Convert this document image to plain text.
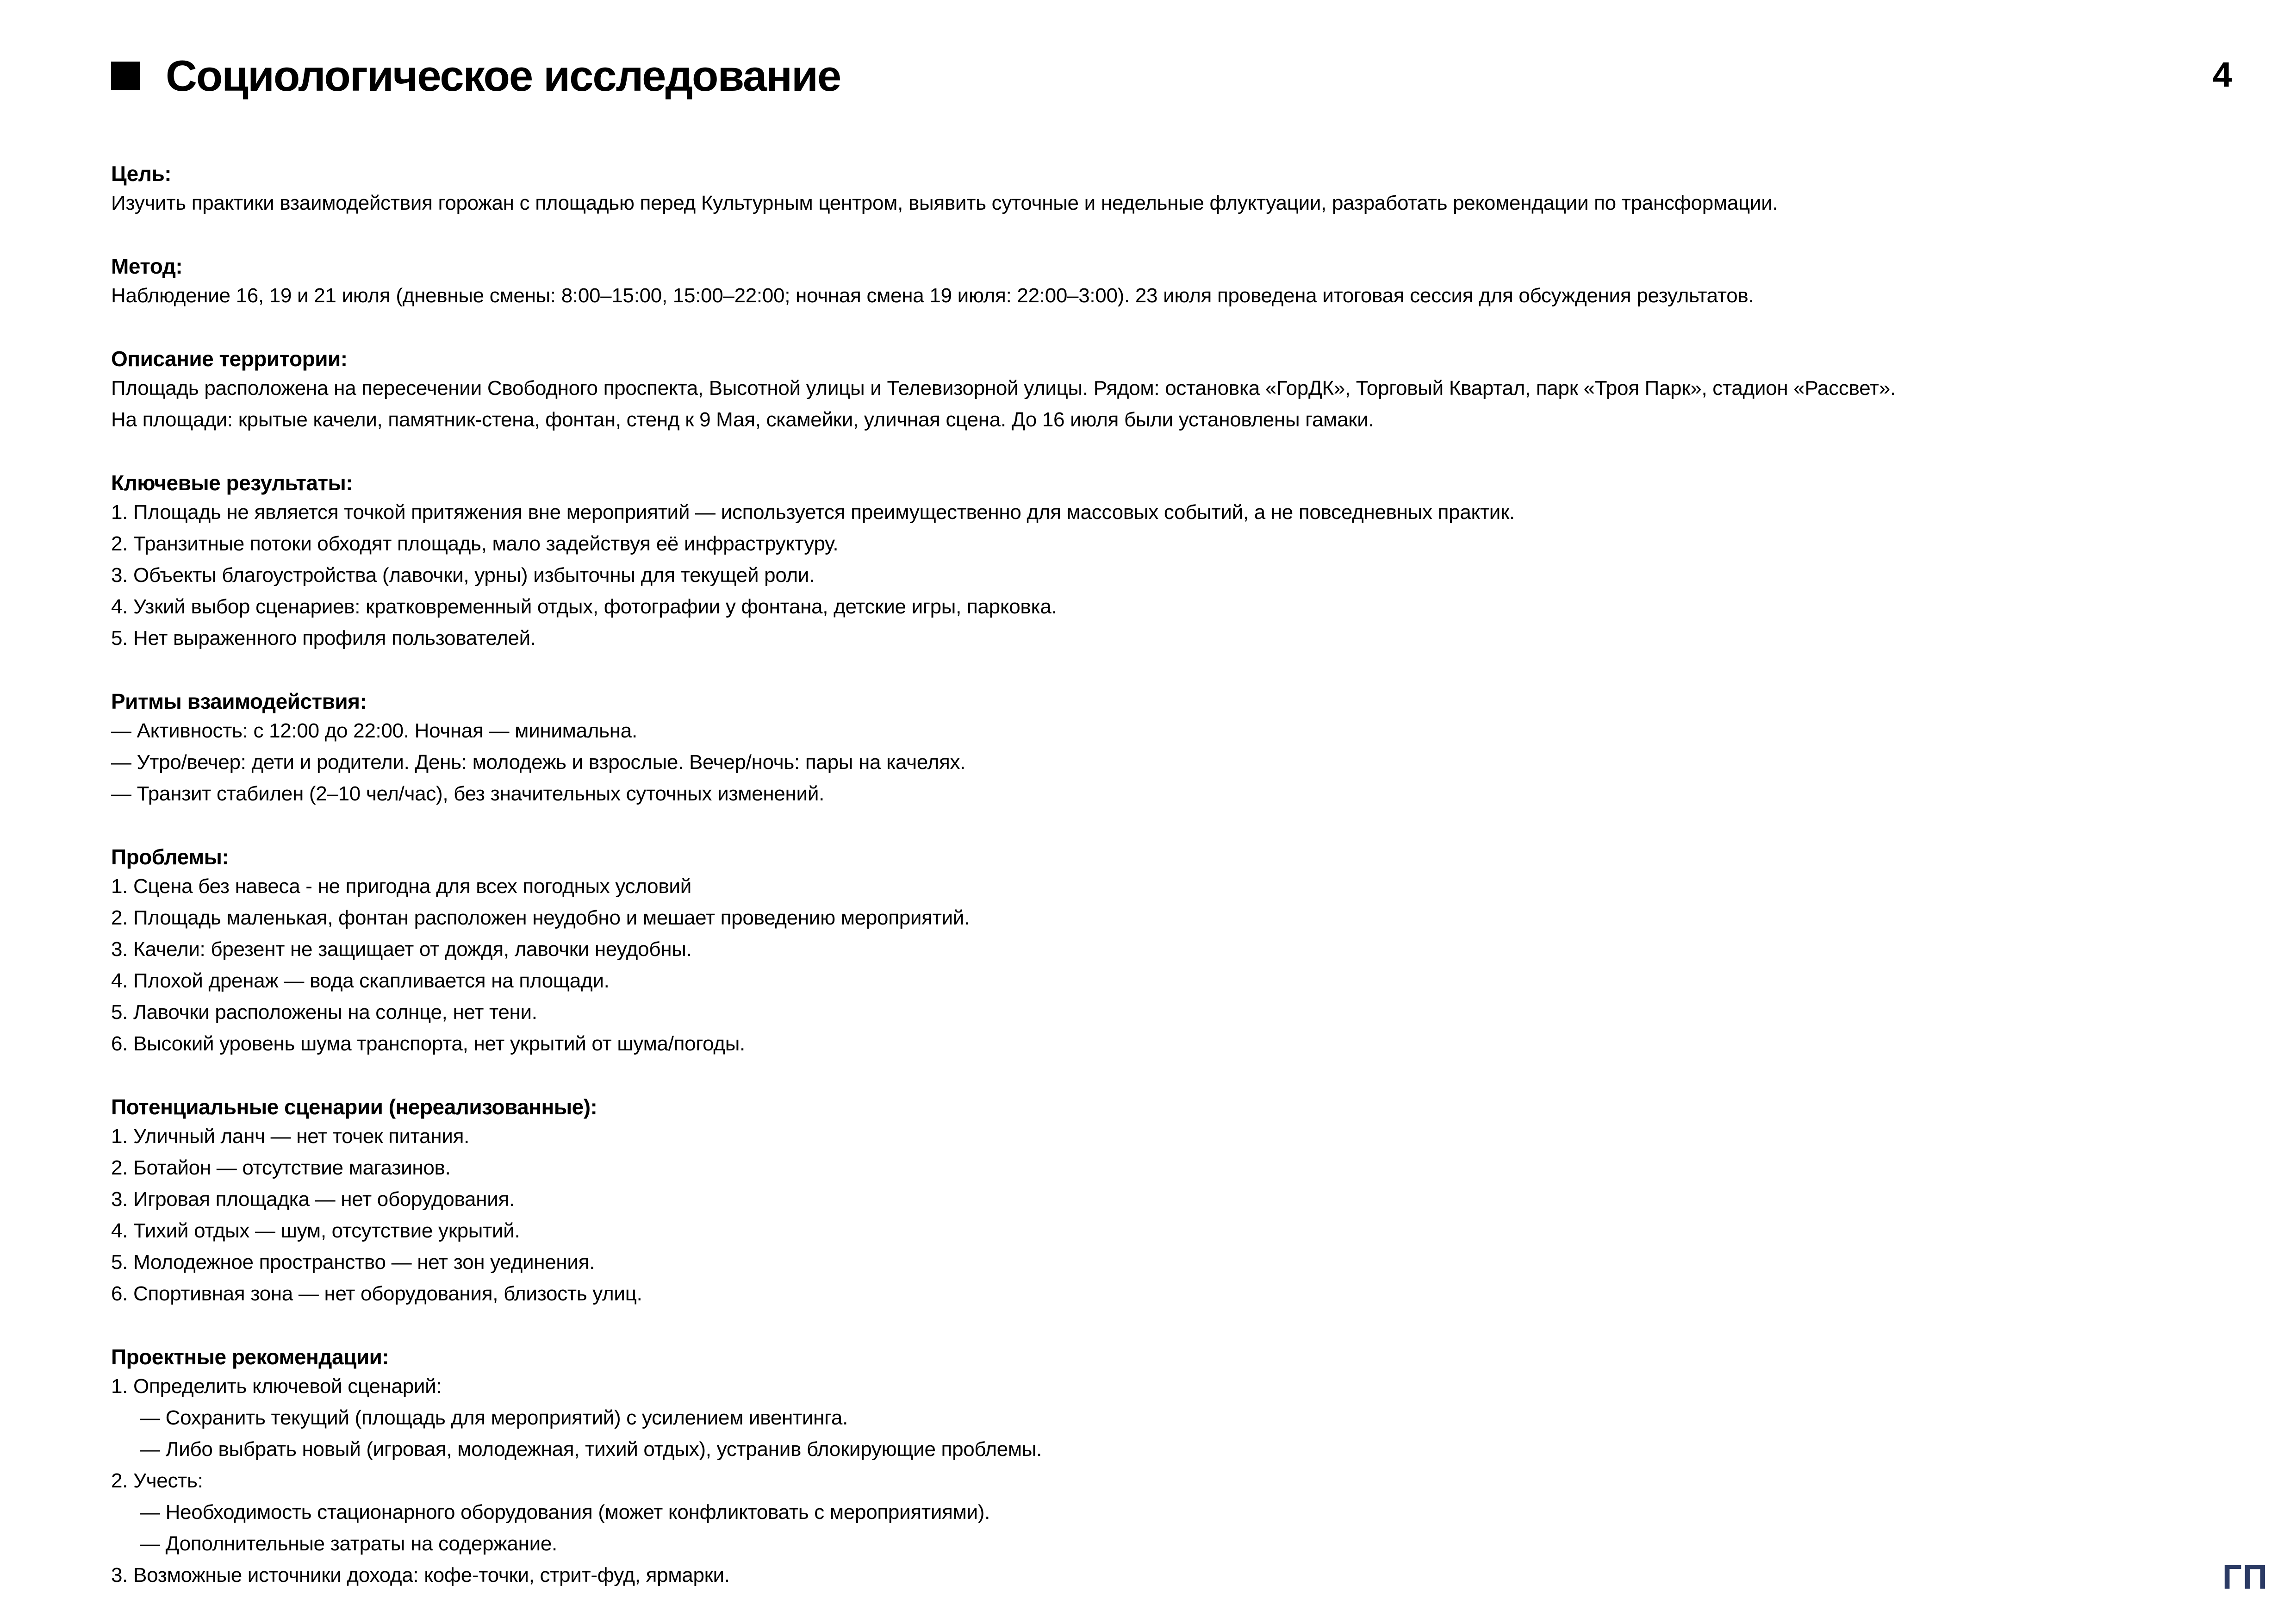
Социологическое исследование	4
Цель:
Изучить практики взаимодействия горожан с площадью перед Культурным центром, выявить суточные и недельные флуктуации, разработать рекомендации по трансформации.
Метод:
Наблюдение 16, 19 и 21 июля (дневные смены: 8:00–15:00, 15:00–22:00; ночная смена 19 июля: 22:00–3:00). 23 июля проведена итоговая сессия для обсуждения результатов.
Описание территории:
Площадь расположена на пересечении Свободного проспекта, Высотной улицы и Телевизорной улицы. Рядом: остановка «ГорДК», Торговый Квартал, парк «Троя Парк», стадион «Рассвет».
На площади: крытые качели, памятник-стена, фонтан, стенд к 9 Мая, скамейки, уличная сцена. До 16 июля были установлены гамаки.
Ключевые результаты:
1. Площадь не является точкой притяжения вне мероприятий — используется преимущественно для массовых событий, а не повседневных практик.
2. Транзитные потоки обходят площадь, мало задействуя её инфраструктуру.
3. Объекты благоустройства (лавочки, урны) избыточны для текущей роли.
4. Узкий выбор сценариев: кратковременный отдых, фотографии у фонтана, детские игры, парковка.
5. Нет выраженного профиля пользователей.
Ритмы взаимодействия:
— Активность: с 12:00 до 22:00. Ночная — минимальна.
— Утро/вечер: дети и родители. День: молодежь и взрослые. Вечер/ночь: пары на качелях.
— Транзит стабилен (2–10 чел/час), без значительных суточных изменений.
Проблемы:
1. Сцена без навеса - не пригодна для всех погодных условий
2. Площадь маленькая, фонтан расположен неудобно и мешает проведению мероприятий.
3. Качели: брезент не защищает от дождя, лавочки неудобны.
4. Плохой дренаж — вода скапливается на площади.
5. Лавочки расположены на солнце, нет тени.
6. Высокий уровень шума транспорта, нет укрытий от шума/погоды.
Потенциальные сценарии (нереализованные):
1. Уличный ланч — нет точек питания.
2. Ботайон — отсутствие магазинов.
3. Игровая площадка — нет оборудования.
4. Тихий отдых — шум, отсутствие укрытий.
5. Молодежное пространство — нет зон уединения.
6. Спортивная зона — нет оборудования, близость улиц.
Проектные рекомендации:
1. Определить ключевой сценарий:
— Сохранить текущий (площадь для мероприятий) с усилением ивентинга.
— Либо выбрать новый (игровая, молодежная, тихий отдых), устранив блокирующие проблемы.
2. Учесть:
— Необходимость стационарного оборудования (может конфликтовать с мероприятиями).
— Дополнительные затраты на содержание.
3. Возможные источники дохода: кофе-точки, стрит-фуд, ярмарки.	ГП
